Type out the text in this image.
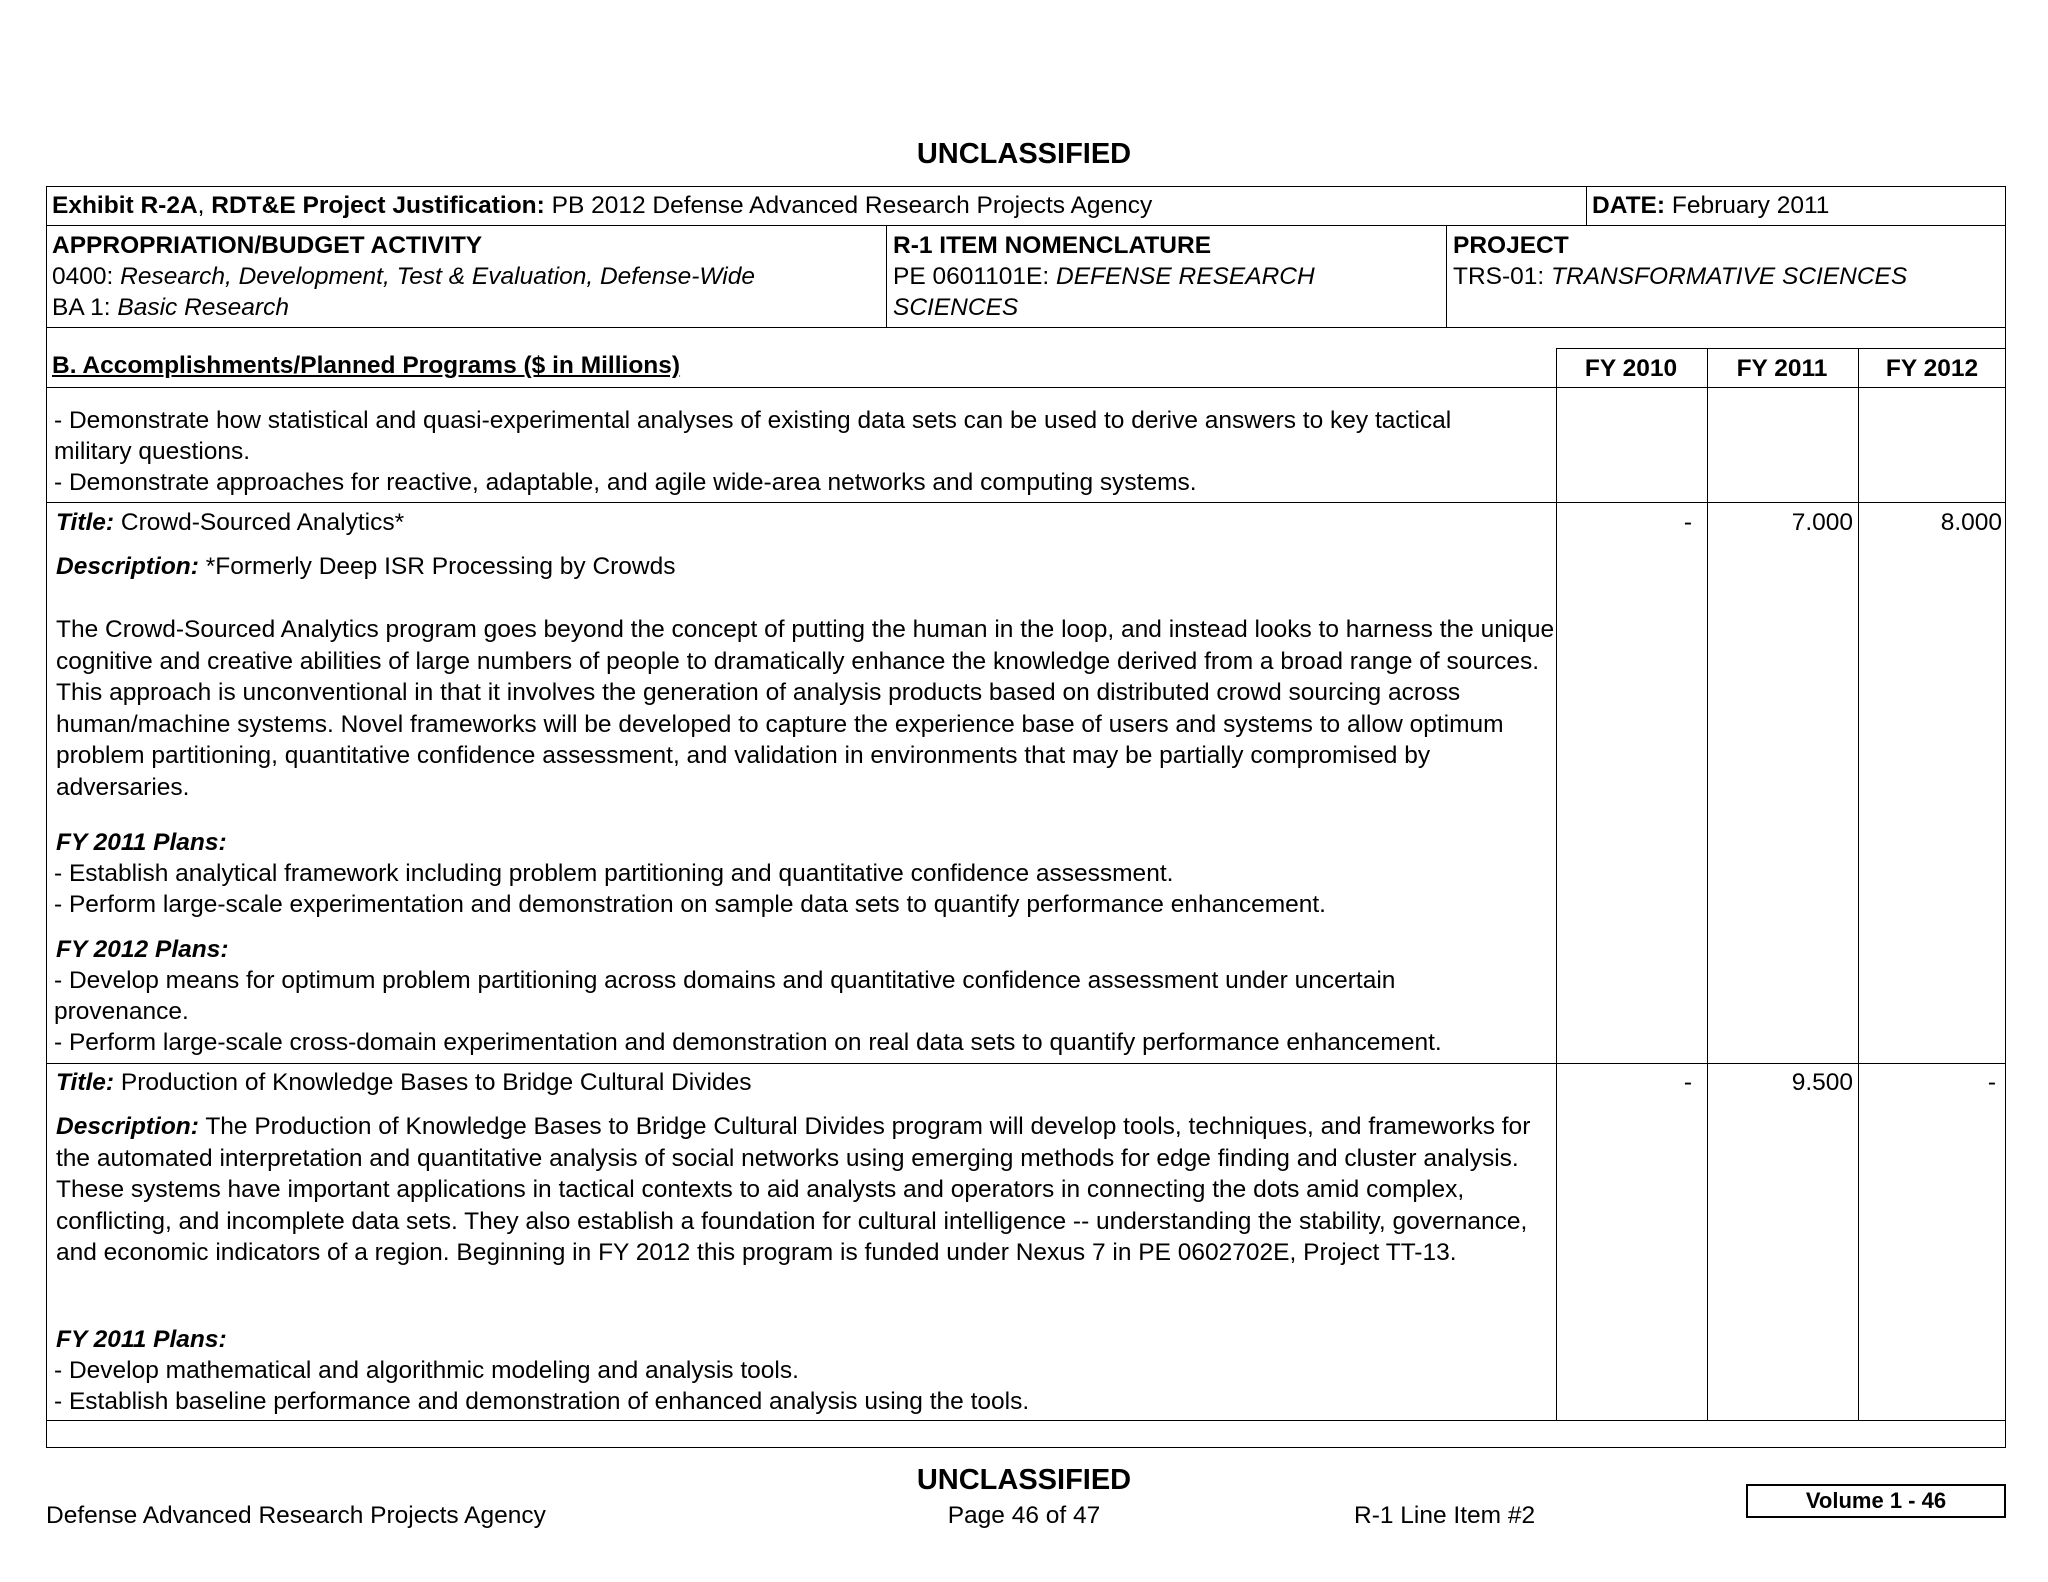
UNCLASSIFIED
Exhibit R-2A, RDT&E Project Justification: PB 2012 Defense Advanced Research Projects Agency	DATE: February 2011
APPROPRIATION/BUDGET ACTIVITY
0400: Research, Development, Test & Evaluation, Defense-Wide
BA 1: Basic Research
R-1 ITEM NOMENCLATURE
PE 0601101E: DEFENSE RESEARCH
SCIENCES
PROJECT
TRS-01: TRANSFORMATIVE SCIENCES
B. Accomplishments/Planned Programs ($ in Millions)	FY 2010	FY 2011	FY 2012
- Demonstrate how statistical and quasi-experimental analyses of existing data sets can be used to derive answers to key tactical
military questions.
- Demonstrate approaches for reactive, adaptable, and agile wide-area networks and computing systems.
Title: Crowd-Sourced Analytics*
Description: *Formerly Deep ISR Processing by Crowds
The Crowd-Sourced Analytics program goes beyond the concept of putting the human in the loop, and instead looks to harness the unique cognitive and creative abilities of large numbers of people to dramatically enhance the knowledge derived from a broad range of sources. This approach is unconventional in that it involves the generation of analysis products based on distributed crowd sourcing across human/machine systems. Novel frameworks will be developed to capture the experience base of users and systems to allow optimum problem partitioning, quantitative confidence assessment, and validation in environments that may be partially compromised by adversaries.
FY 2011 Plans:
- Establish analytical framework including problem partitioning and quantitative confidence assessment.
- Perform large-scale experimentation and demonstration on sample data sets to quantify performance enhancement.
FY 2012 Plans:
- Develop means for optimum problem partitioning across domains and quantitative confidence assessment under uncertain
provenance.
- Perform large-scale cross-domain experimentation and demonstration on real data sets to quantify performance enhancement.
-	7.000	8.000
Title: Production of Knowledge Bases to Bridge Cultural Divides
Description: The Production of Knowledge Bases to Bridge Cultural Divides program will develop tools, techniques, and frameworks for the automated interpretation and quantitative analysis of social networks using emerging methods for edge finding and cluster analysis. These systems have important applications in tactical contexts to aid analysts and operators in connecting the dots amid complex, conflicting, and incomplete data sets. They also establish a foundation for cultural intelligence -- understanding the stability, governance, and economic indicators of a region. Beginning in FY 2012 this program is funded under Nexus 7 in PE 0602702E, Project TT-13.
FY 2011 Plans:
- Develop mathematical and algorithmic modeling and analysis tools.
- Establish baseline performance and demonstration of enhanced analysis using the tools.
-	9.500	-
UNCLASSIFIED
Defense Advanced Research Projects Agency	Page 46 of 47	R-1 Line Item #2
Volume 1 - 46
